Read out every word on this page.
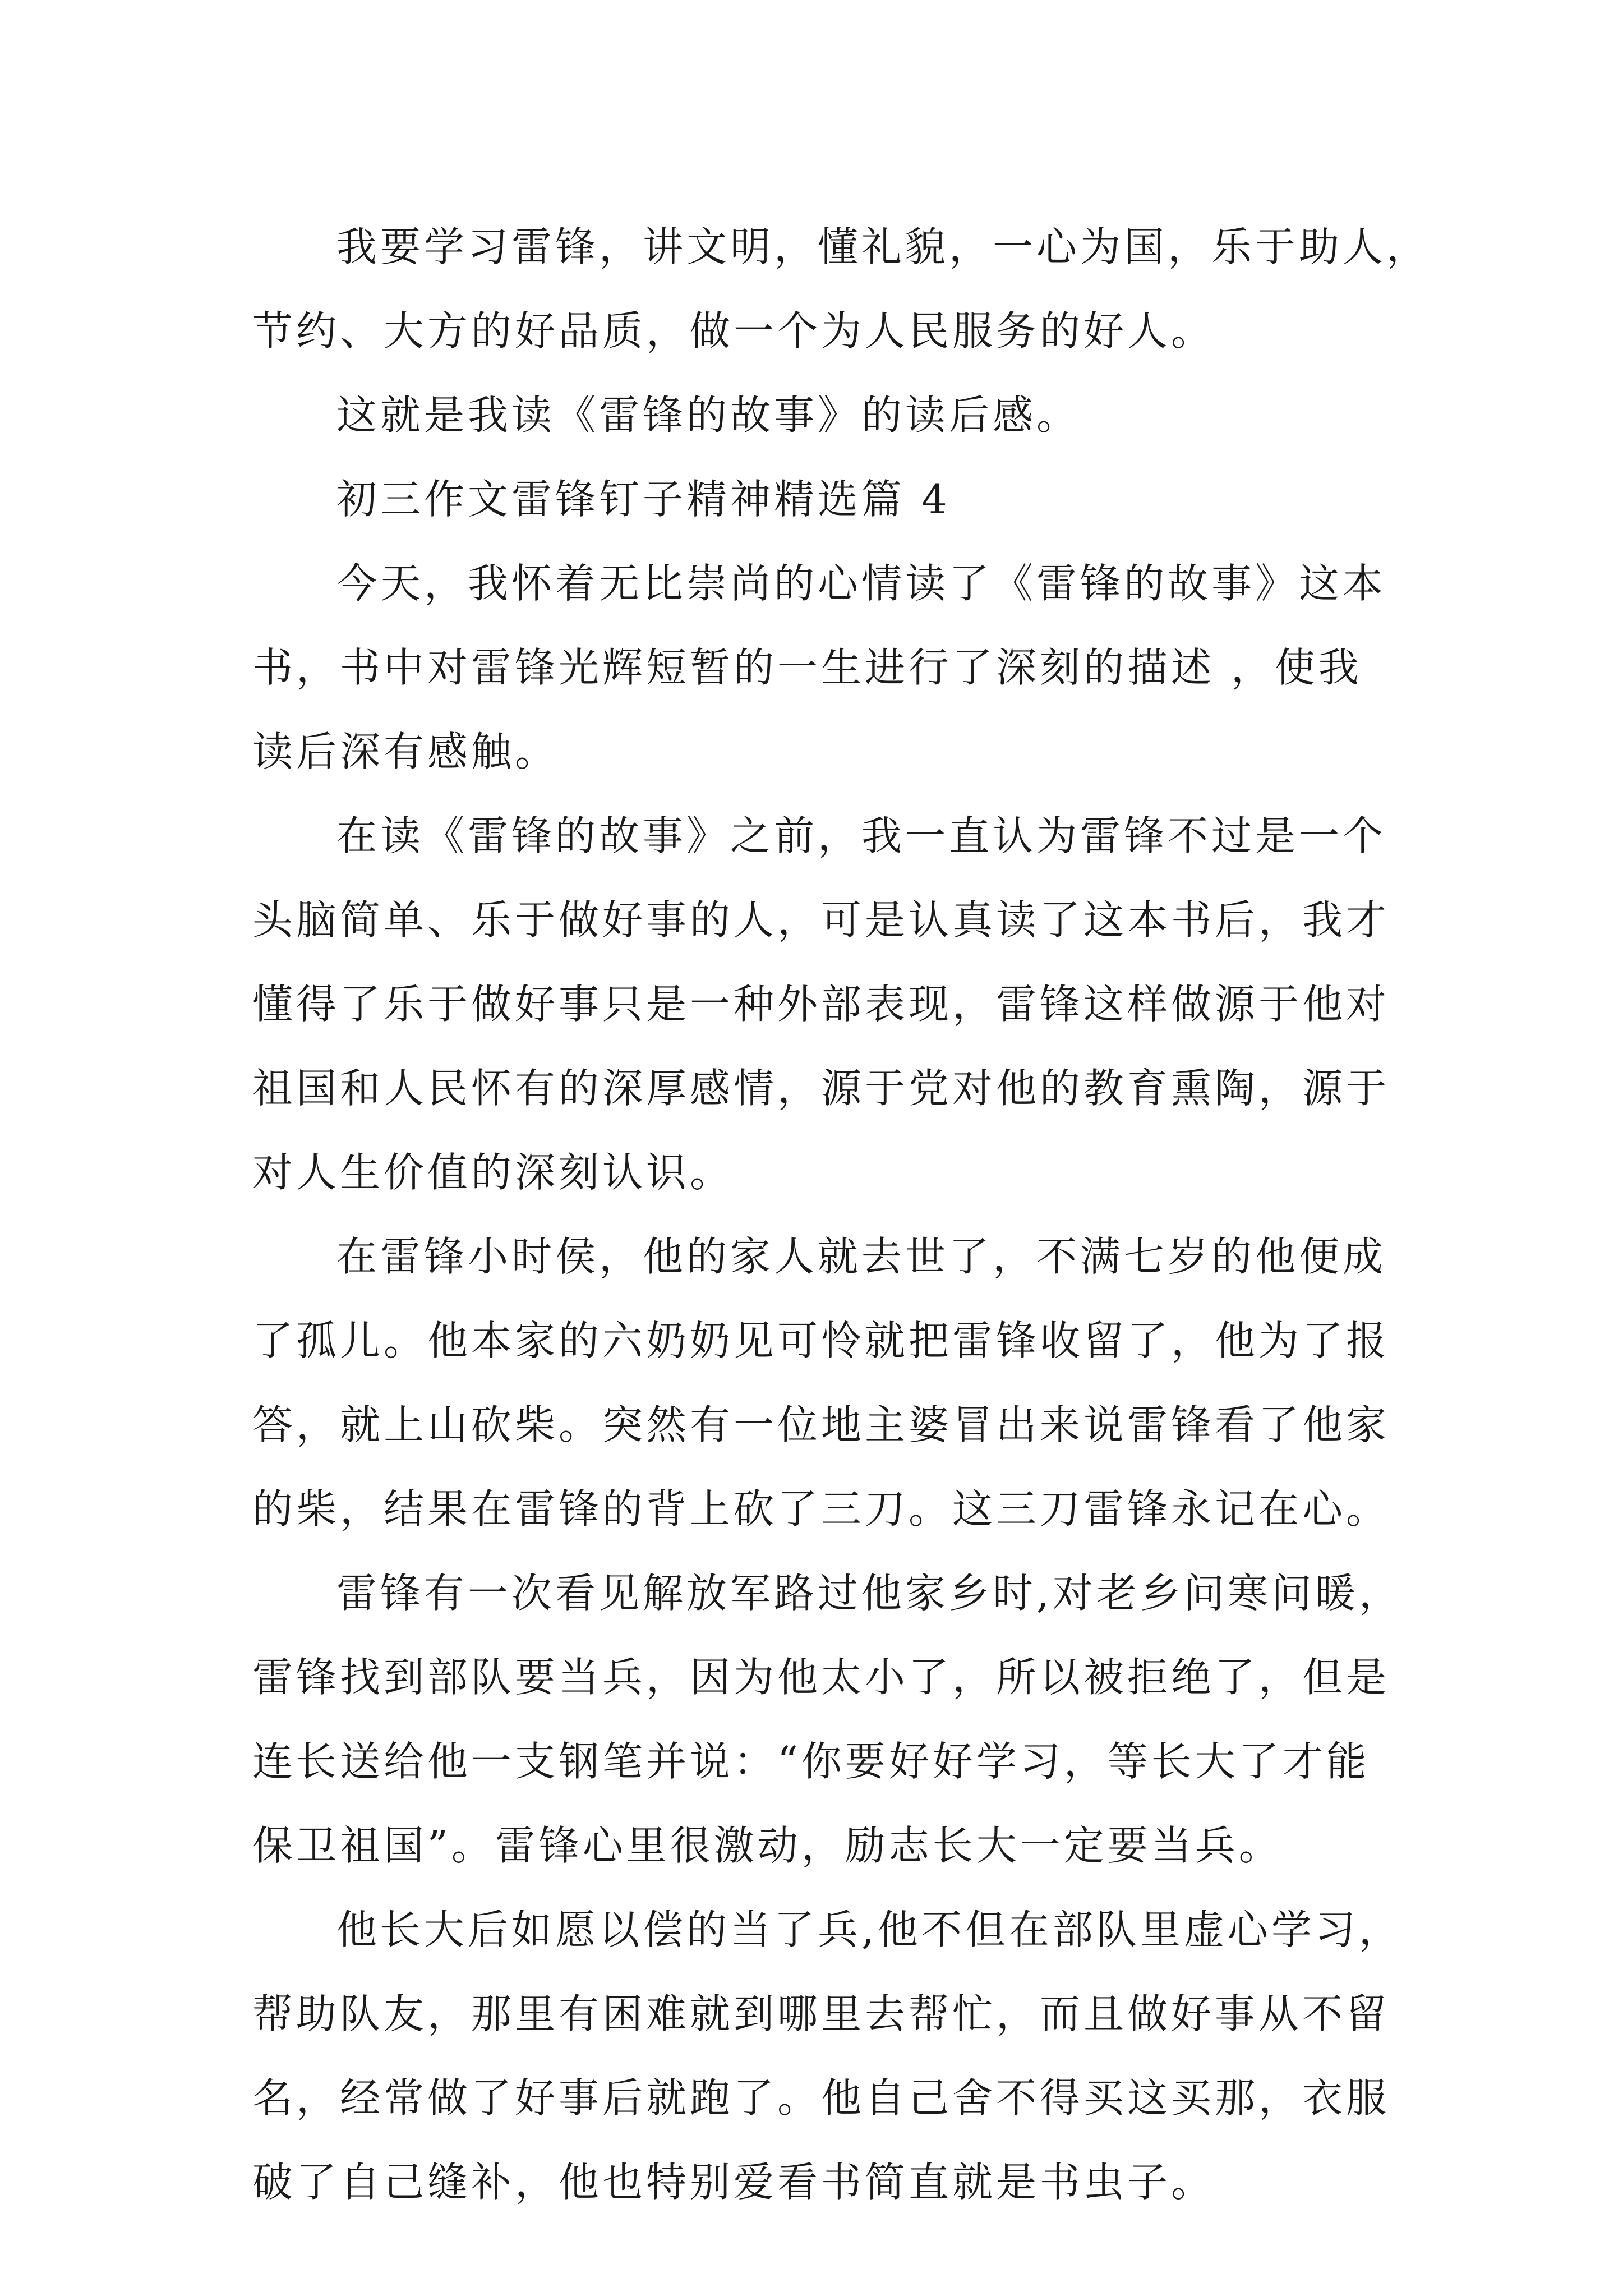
我要学习雷锋，讲文明，懂礼貌，一心为国，乐于助人，
节约、大方的好品质，做一个为人民服务的好人。
这就是我读《雷锋的故事》的读后感。
初三作文雷锋钉子精神精选篇 4
今天，我怀着无比崇尚的心情读了《雷锋的故事》这本
书，书中对雷锋光辉短暂的一生进行了深刻的描述 ，使我
读后深有感触。
在读《雷锋的故事》之前，我一直认为雷锋不过是一个
头脑简单、乐于做好事的人，可是认真读了这本书后，我才
懂得了乐于做好事只是一种外部表现，雷锋这样做源于他对
祖国和人民怀有的深厚感情，源于党对他的教育熏陶，源于
对人生价值的深刻认识。
在雷锋小时侯，他的家人就去世了，不满七岁的他便成
了孤儿。他本家的六奶奶见可怜就把雷锋收留了，他为了报
答，就上山砍柴。突然有一位地主婆冒出来说雷锋看了他家
的柴，结果在雷锋的背上砍了三刀。这三刀雷锋永记在心。
雷锋有一次看见解放军路过他家乡时,对老乡问寒问暖，
雷锋找到部队要当兵，因为他太小了，所以被拒绝了，但是
连长送给他一支钢笔并说：“你要好好学习，等长大了才能
保卫祖国”。雷锋心里很激动，励志长大一定要当兵。
他长大后如愿以偿的当了兵,他不但在部队里虚心学习，
帮助队友，那里有困难就到哪里去帮忙，而且做好事从不留
名，经常做了好事后就跑了。他自己舍不得买这买那，衣服
破了自己缝补，他也特别爱看书简直就是书虫子。
